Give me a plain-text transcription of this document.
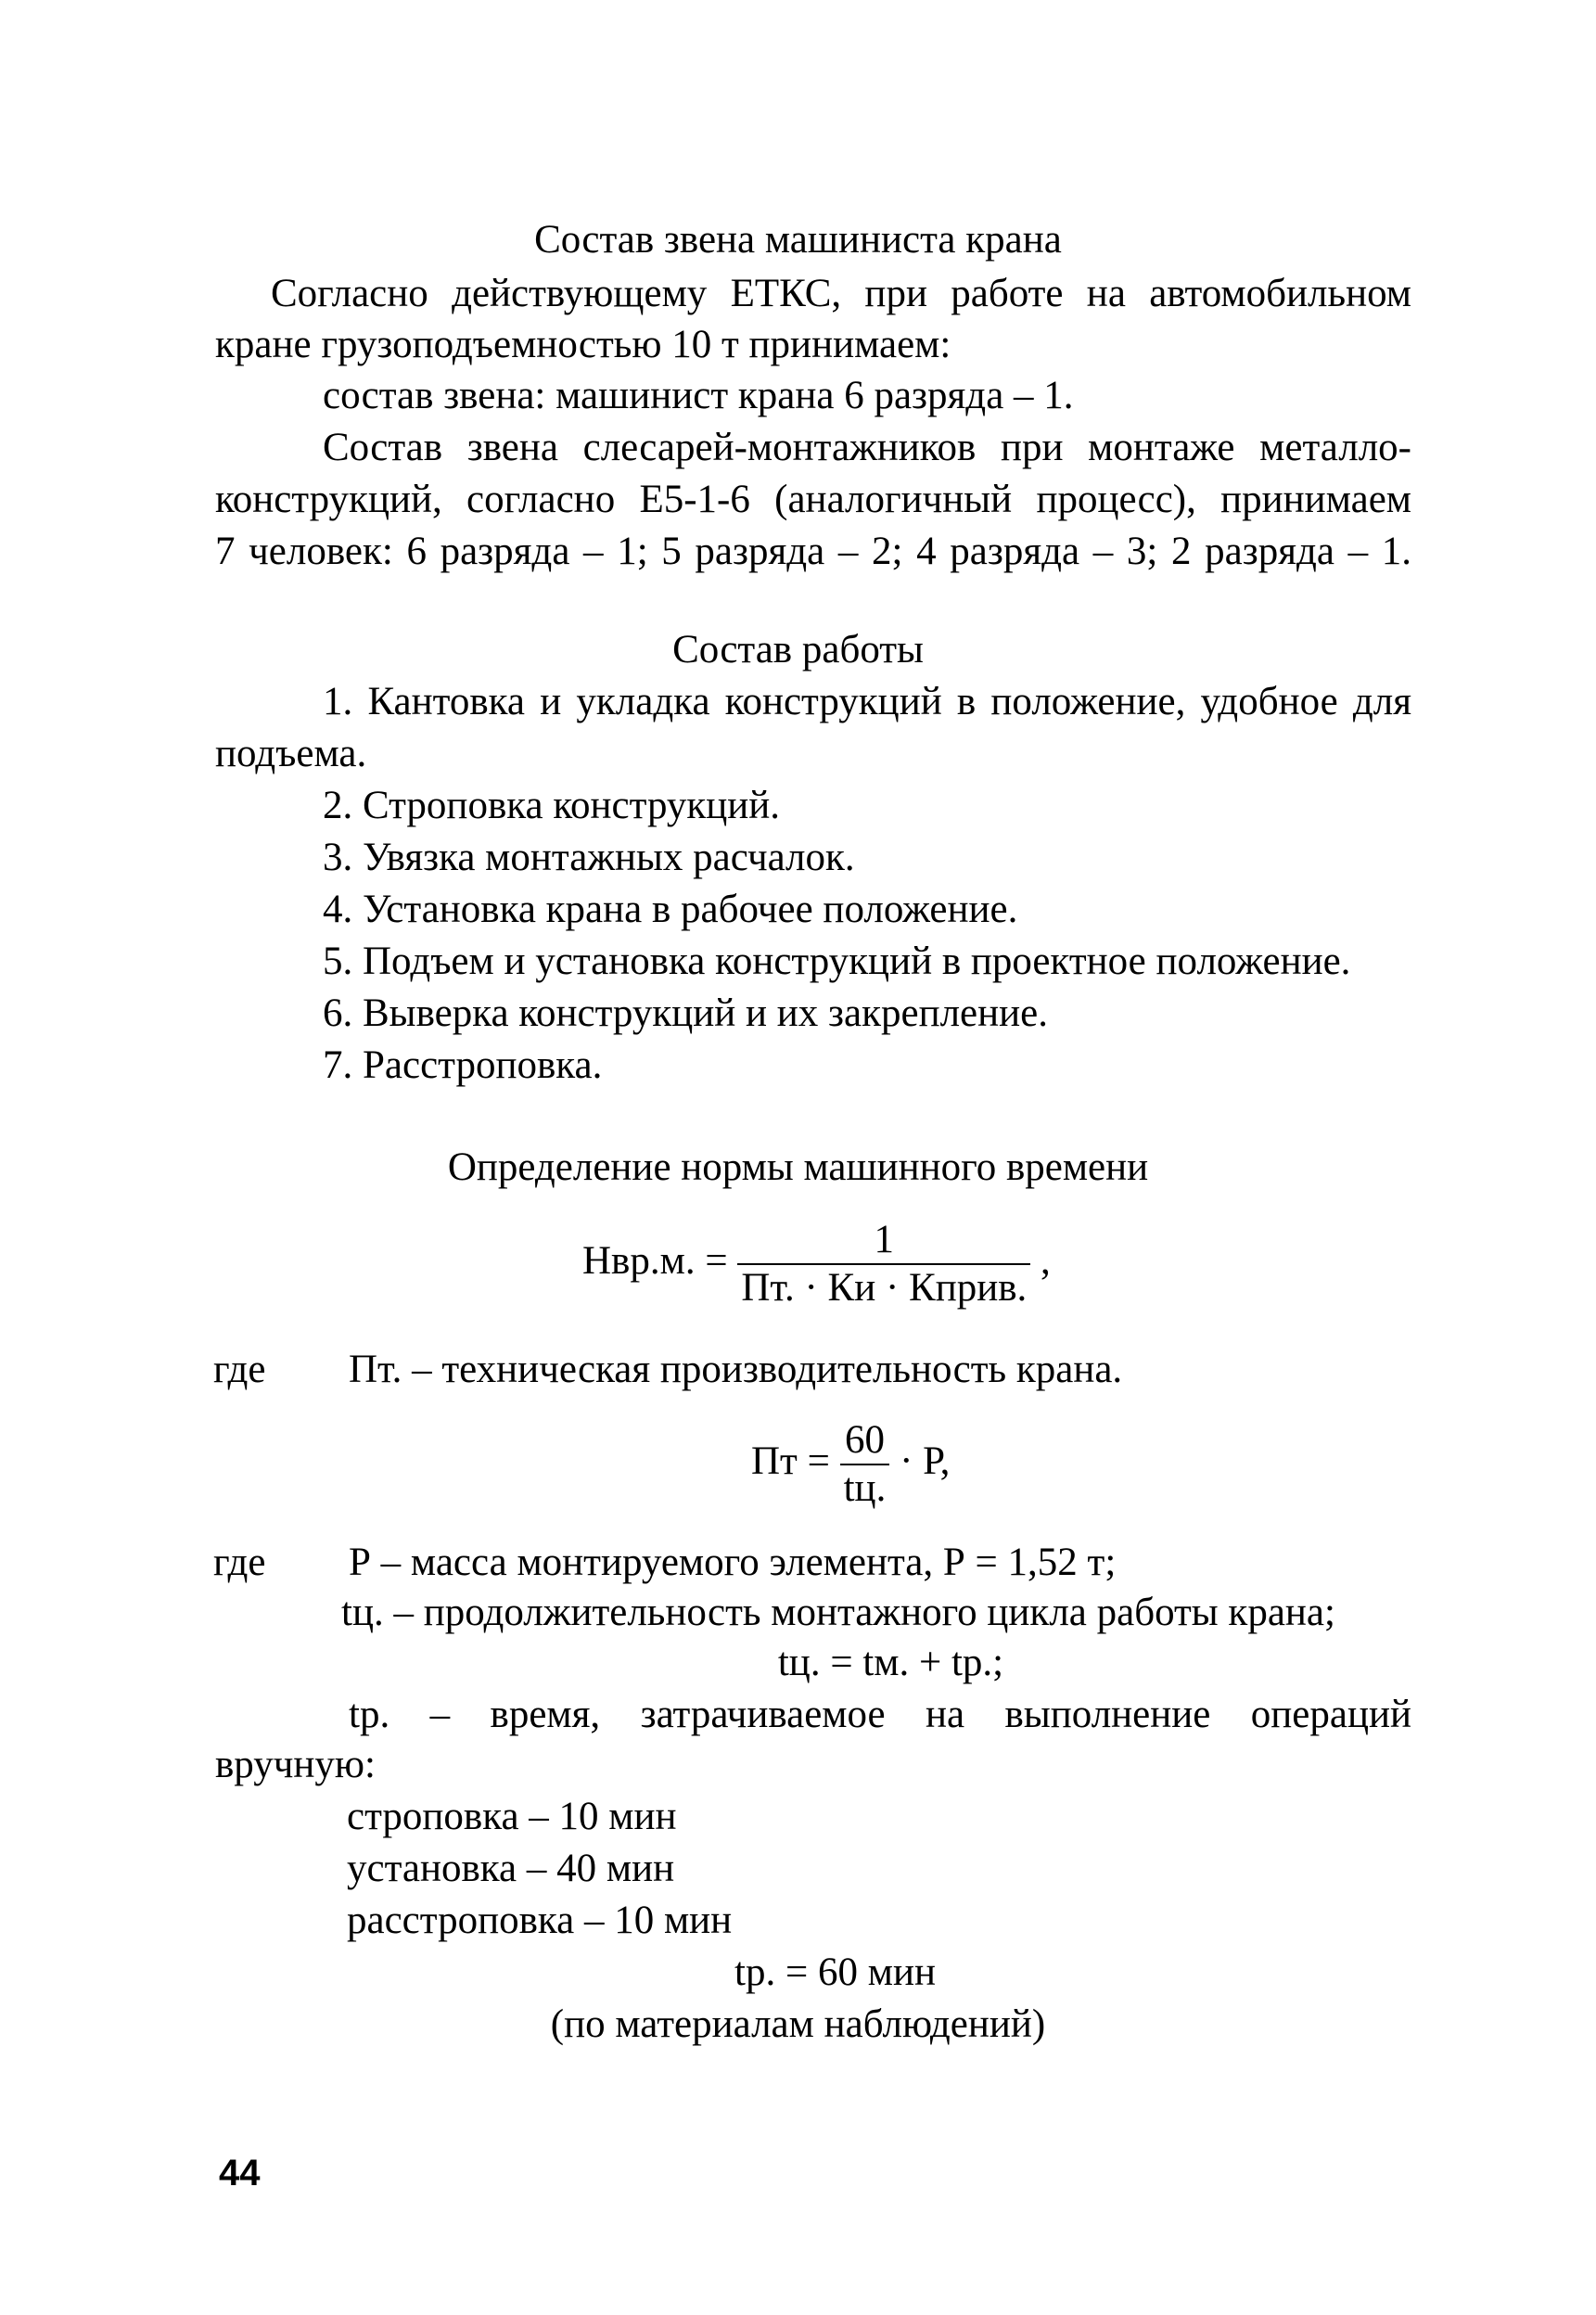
Состав звена машиниста крана
Согласно действующему ЕТКС, при работе на автомобильном
кране грузоподъемностью 10 т принимаем:
состав звена: машинист крана 6 разряда – 1.
Состав звена слесарей-монтажников при монтаже металло-
конструкций, согласно Е5-1-6 (аналогичный процесс), принимаем
7 человек: 6 разряда – 1; 5 разряда – 2; 4 разряда – 3; 2 разряда – 1.
Состав работы
1. Кантовка и укладка конструкций в положение, удобное для
подъема.
2. Строповка конструкций.
3. Увязка монтажных расчалок.
4. Установка крана в рабочее положение.
5. Подъем и установка конструкций в проектное положение.
6. Выверка конструкций и их закрепление.
7. Расстроповка.
Определение нормы машинного времени
Нвр.м. = $\frac{1}{\text{Пт. · Ки · Кприв.}}$ ,
где Пт. – техническая производительность крана.
Пт = $\frac{60}{tц.} \cdot Р$,
где Р – масса монтируемого элемента, Р = 1,52 т;
tц. – продолжительность монтажного цикла работы крана;
tц. = tм. + tр.;
tр. – время, затрачиваемое на выполнение операций
вручную:
строповка – 10 мин
установка – 40 мин
расстроповка – 10 мин
tр. = 60 мин
(по материалам наблюдений)
44
